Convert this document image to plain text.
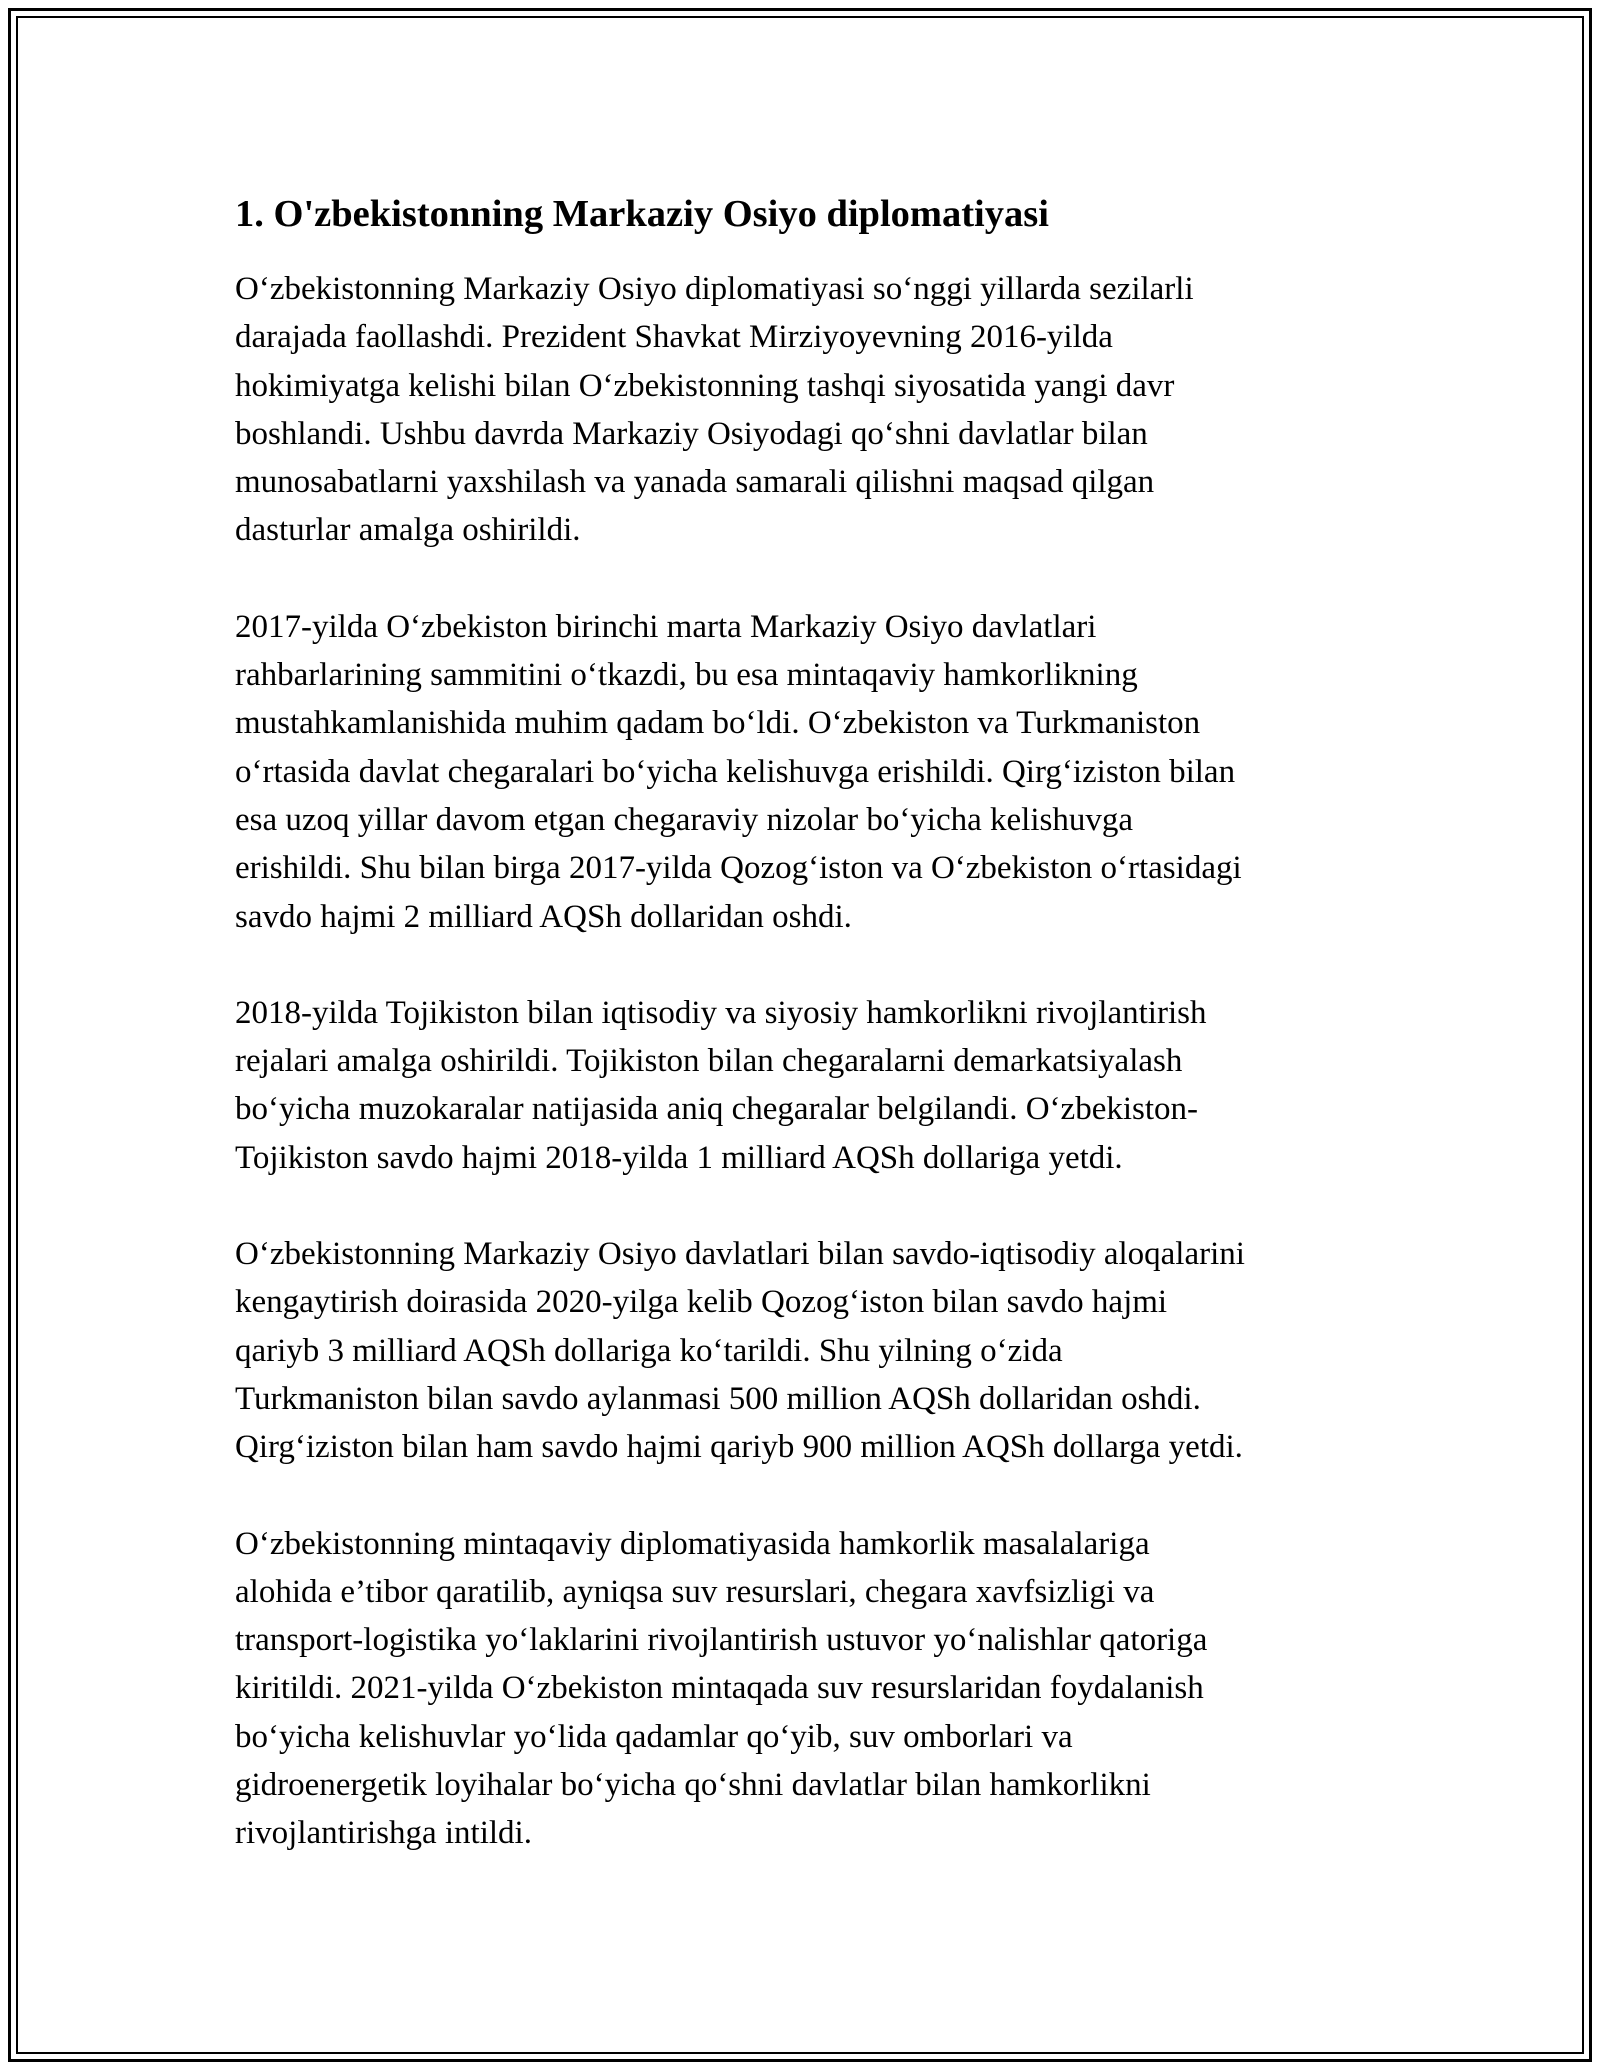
1. O'zbekistonning Markaziy Osiyo diplomatiyasi

O‘zbekistonning Markaziy Osiyo diplomatiyasi so‘nggi yillarda sezilarli
darajada faollashdi. Prezident Shavkat Mirziyoyevning 2016-yilda
hokimiyatga kelishi bilan O‘zbekistonning tashqi siyosatida yangi davr
boshlandi. Ushbu davrda Markaziy Osiyodagi qo‘shni davlatlar bilan
munosabatlarni yaxshilash va yanada samarali qilishni maqsad qilgan
dasturlar amalga oshirildi.

2017-yilda O‘zbekiston birinchi marta Markaziy Osiyo davlatlari
rahbarlarining sammitini o‘tkazdi, bu esa mintaqaviy hamkorlikning
mustahkamlanishida muhim qadam bo‘ldi. O‘zbekiston va Turkmaniston
o‘rtasida davlat chegaralari bo‘yicha kelishuvga erishildi. Qirg‘iziston bilan
esa uzoq yillar davom etgan chegaraviy nizolar bo‘yicha kelishuvga
erishildi. Shu bilan birga 2017-yilda Qozog‘iston va O‘zbekiston o‘rtasidagi
savdo hajmi 2 milliard AQSh dollaridan oshdi.

2018-yilda Tojikiston bilan iqtisodiy va siyosiy hamkorlikni rivojlantirish
rejalari amalga oshirildi. Tojikiston bilan chegaralarni demarkatsiyalash
bo‘yicha muzokaralar natijasida aniq chegaralar belgilandi. O‘zbekiston-
Tojikiston savdo hajmi 2018-yilda 1 milliard AQSh dollariga yetdi.

O‘zbekistonning Markaziy Osiyo davlatlari bilan savdo-iqtisodiy aloqalarini
kengaytirish doirasida 2020-yilga kelib Qozog‘iston bilan savdo hajmi
qariyb 3 milliard AQSh dollariga ko‘tarildi. Shu yilning o‘zida
Turkmaniston bilan savdo aylanmasi 500 million AQSh dollaridan oshdi.
Qirg‘iziston bilan ham savdo hajmi qariyb 900 million AQSh dollarga yetdi.

O‘zbekistonning mintaqaviy diplomatiyasida hamkorlik masalalariga
alohida e’tibor qaratilib, ayniqsa suv resurslari, chegara xavfsizligi va
transport-logistika yo‘laklarini rivojlantirish ustuvor yo‘nalishlar qatoriga
kiritildi. 2021-yilda O‘zbekiston mintaqada suv resurslaridan foydalanish
bo‘yicha kelishuvlar yo‘lida qadamlar qo‘yib, suv omborlari va
gidroenergetik loyihalar bo‘yicha qo‘shni davlatlar bilan hamkorlikni
rivojlantirishga intildi.
